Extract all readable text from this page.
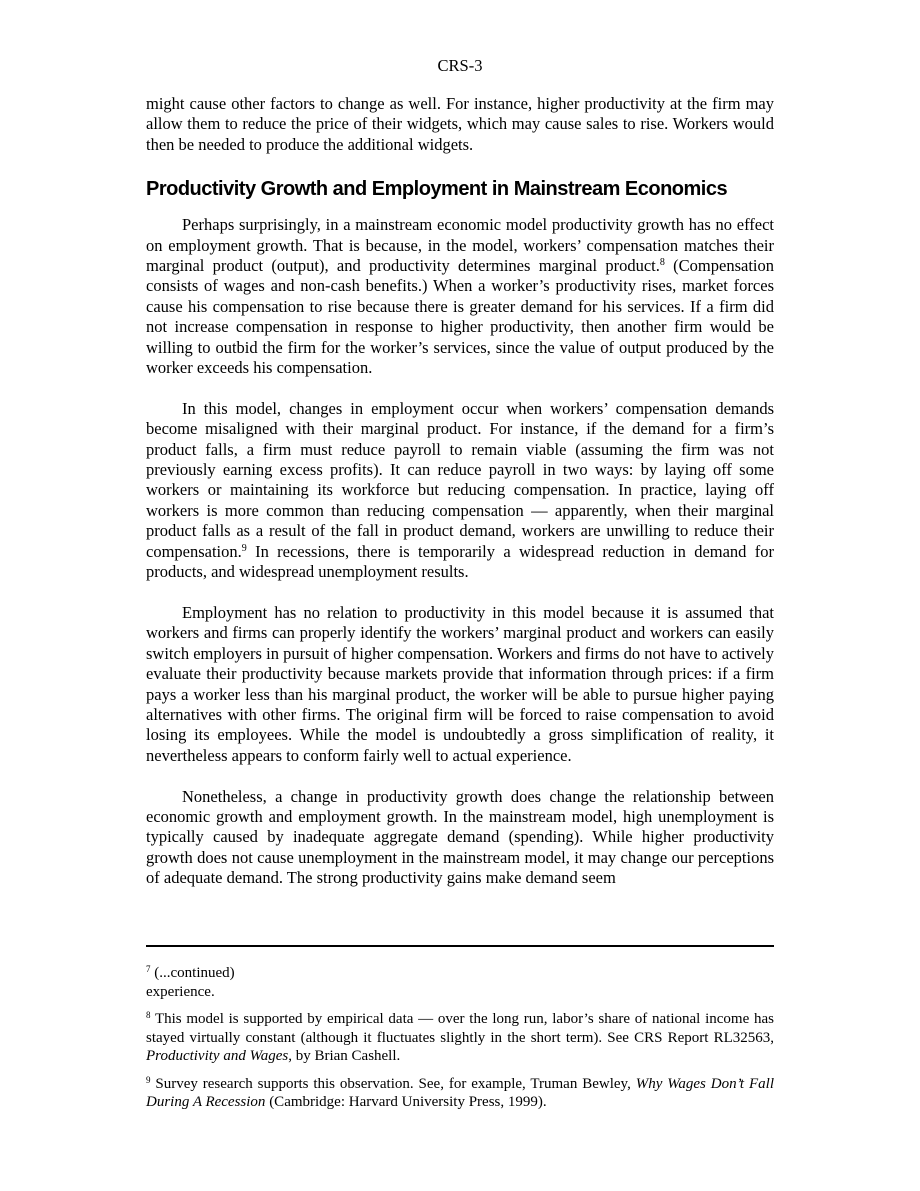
CRS-3

might cause other factors to change as well. For instance, higher productivity at the firm may allow them to reduce the price of their widgets, which may cause sales to rise. Workers would then be needed to produce the additional widgets.

Productivity Growth and Employment in Mainstream Economics

Perhaps surprisingly, in a mainstream economic model productivity growth has no effect on employment growth. That is because, in the model, workers’ compensation matches their marginal product (output), and productivity determines marginal product.$^8$ (Compensation consists of wages and non-cash benefits.) When a worker’s productivity rises, market forces cause his compensation to rise because there is greater demand for his services. If a firm did not increase compensation in response to higher productivity, then another firm would be willing to outbid the firm for the worker’s services, since the value of output produced by the worker exceeds his compensation.

In this model, changes in employment occur when workers’ compensation demands become misaligned with their marginal product. For instance, if the demand for a firm’s product falls, a firm must reduce payroll to remain viable (assuming the firm was not previously earning excess profits). It can reduce payroll in two ways: by laying off some workers or maintaining its workforce but reducing compensation. In practice, laying off workers is more common than reducing compensation — apparently, when their marginal product falls as a result of the fall in product demand, workers are unwilling to reduce their compensation.$^9$ In recessions, there is temporarily a widespread reduction in demand for products, and widespread unemployment results.

Employment has no relation to productivity in this model because it is assumed that workers and firms can properly identify the workers’ marginal product and workers can easily switch employers in pursuit of higher compensation. Workers and firms do not have to actively evaluate their productivity because markets provide that information through prices: if a firm pays a worker less than his marginal product, the worker will be able to pursue higher paying alternatives with other firms. The original firm will be forced to raise compensation to avoid losing its employees. While the model is undoubtedly a gross simplification of reality, it nevertheless appears to conform fairly well to actual experience.

Nonetheless, a change in productivity growth does change the relationship between economic growth and employment growth. In the mainstream model, high unemployment is typically caused by inadequate aggregate demand (spending). While higher productivity growth does not cause unemployment in the mainstream model, it may change our perceptions of adequate demand. The strong productivity gains make demand seem

$^7$ (...continued)
experience.

$^8$ This model is supported by empirical data — over the long run, labor’s share of national income has stayed virtually constant (although it fluctuates slightly in the short term). See CRS Report RL32563, Productivity and Wages, by Brian Cashell.

$^9$ Survey research supports this observation. See, for example, Truman Bewley, Why Wages Don’t Fall During A Recession (Cambridge: Harvard University Press, 1999).
